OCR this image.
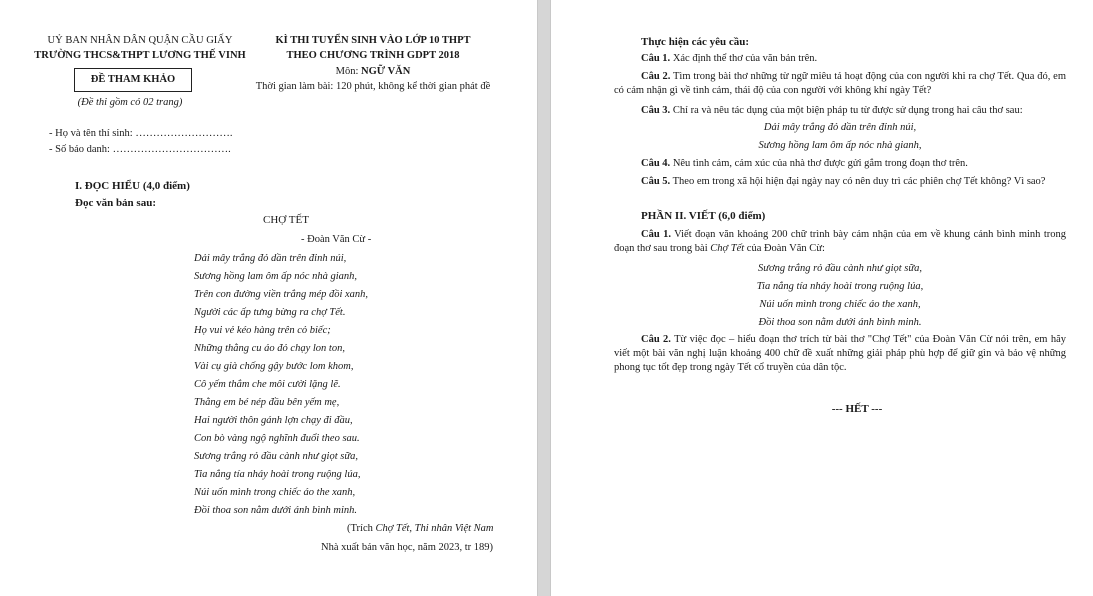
UỶ BAN NHÂN DÂN QUẬN CẦU GIẤY
TRƯỜNG THCS&THPT LƯƠNG THẾ VINH
KÌ THI TUYỂN SINH VÀO LỚP 10 THPT
THEO CHƯƠNG TRÌNH GDPT 2018
Môn: NGỮ VĂN
Thời gian làm bài: 120 phút, không kể thời gian phát đề
ĐỀ THAM KHẢO
(Đề thi gồm có 02 trang)
- Họ và tên thí sinh: ……………………….
- Số báo danh: …………………………….
I. ĐỌC HIỂU (4,0 điểm)
Đọc văn bản sau:
CHỢ TẾT
- Đoàn Văn Cừ -
Dải mây trắng đỏ dần trên đỉnh núi,
Sương hồng lam ôm ấp nóc nhà gianh,
Trên con đường viền trắng mép đồi xanh,
Người các ấp tưng bừng ra chợ Tết.
Họ vui vẻ kéo hàng trên cỏ biếc;
Những thằng cu áo đỏ chạy lon ton,
Vài cụ già chống gậy bước lom khom,
Cô yếm thắm che môi cười lặng lẽ.
Thằng em bé nép đầu bên yếm mẹ,
Hai người thôn gánh lợn chạy đi đầu,
Con bò vàng ngộ nghĩnh đuổi theo sau.
Sương trắng rỏ đầu cành như giọt sữa,
Tia nắng tía nháy hoài trong ruộng lúa,
Núi uốn mình trong chiếc áo the xanh,
Đồi thoa son nằm dưới ánh bình minh.
(Trích Chợ Tết, Thi nhân Việt Nam
Nhà xuất bản văn học, năm 2023, tr 189)
Thực hiện các yêu cầu:
Câu 1. Xác định thể thơ của văn bản trên.
Câu 2. Tìm trong bài thơ những từ ngữ miêu tả hoạt động của con người khi ra chợ Tết. Qua đó, em có cảm nhận gì về tình cảm, thái độ của con người với không khí ngày Tết?
Câu 3. Chỉ ra và nêu tác dụng của một biện pháp tu từ được sử dụng trong hai câu thơ sau:
Dải mây trắng đỏ dần trên đỉnh núi,
Sương hồng lam ôm ấp nóc nhà gianh,
Câu 4. Nêu tình cảm, cảm xúc của nhà thơ được gửi gắm trong đoạn thơ trên.
Câu 5. Theo em trong xã hội hiện đại ngày nay có nên duy trì các phiên chợ Tết không? Vì sao?
PHẦN II. VIẾT (6,0 điểm)
Câu 1. Viết đoạn văn khoảng 200 chữ trình bày cảm nhận của em về khung cảnh bình minh trong đoạn thơ sau trong bài Chợ Tết của Đoàn Văn Cừ:
Sương trắng rỏ đầu cành như giọt sữa,
Tia nắng tía nháy hoài trong ruộng lúa,
Núi uốn mình trong chiếc áo the xanh,
Đồi thoa son nằm dưới ánh bình minh.
Câu 2. Từ việc đọc – hiểu đoạn thơ trích từ bài thơ "Chợ Tết" của Đoàn Văn Cừ nói trên, em hãy viết một bài văn nghị luận khoảng 400 chữ đề xuất những giải pháp phù hợp để giữ gìn và bảo vệ những phong tục tốt đẹp trong ngày Tết cổ truyền của dân tộc.
--- HẾT ---
